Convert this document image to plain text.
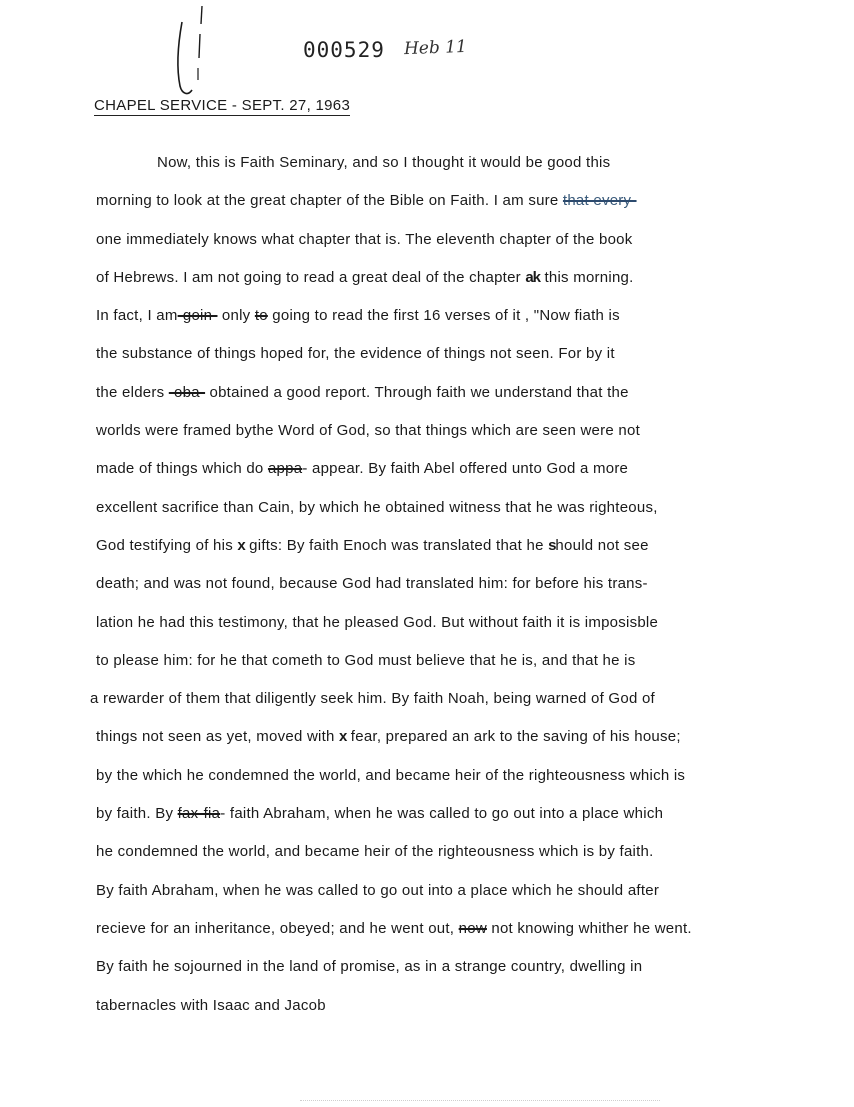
000529 Heb 11
CHAPEL SERVICE - SEPT. 27, 1963
Now, this is Faith Seminary, and so I thought it would be good this
morning to look at the great chapter of the Bible on Faith. I am sure that every-
one immediately knows what chapter that is. The eleventh chapter of the book
of Hebrews. I am not going to read a great deal of the chapter ak this morning.
In fact, I am-goin- only to going to read the first 16 verses of it , "Now fiath is
the substance of things hoped for, the evidence of things not seen. For by it
the elders -oba- obtained a good report. Through faith we understand that the
worlds were framed bythe Word of God, so that things which are seen were not
made of things which do appa- appear. By faith Abel offered unto God a more
excellent sacrifice than Cain, by which he obtained witness that he was righteous,
God testifying of his x gifts: By faith Enoch was translated that he should not see
death; and was not found, because God had translated him: for before his trans-
lation he had this testimony, that he pleased God. But without faith it is imposisble
to please him: for he that cometh to God must believe that he is, and that he is
a rewarder of them that diligently seek him. By faith Noah, being warned of God of
things not seen as yet, moved with x fear, prepared an ark to the saving of his house;
by the which he condemned the world, and became heir of the righteousness which is
by faith. By fax-fia- faith Abraham, when he was called to go out into a place which
he condemned the world, and became heir of the righteousness which is by faith.
By faith Abraham, when he was called to go out into a place which he should after
recieve for an inheritance, obeyed; and he went out, now not knowing whither he went.
By faith he sojourned in the land of promise, as in a strange country, dwelling in
tabernacles with Isaac and Jacob
